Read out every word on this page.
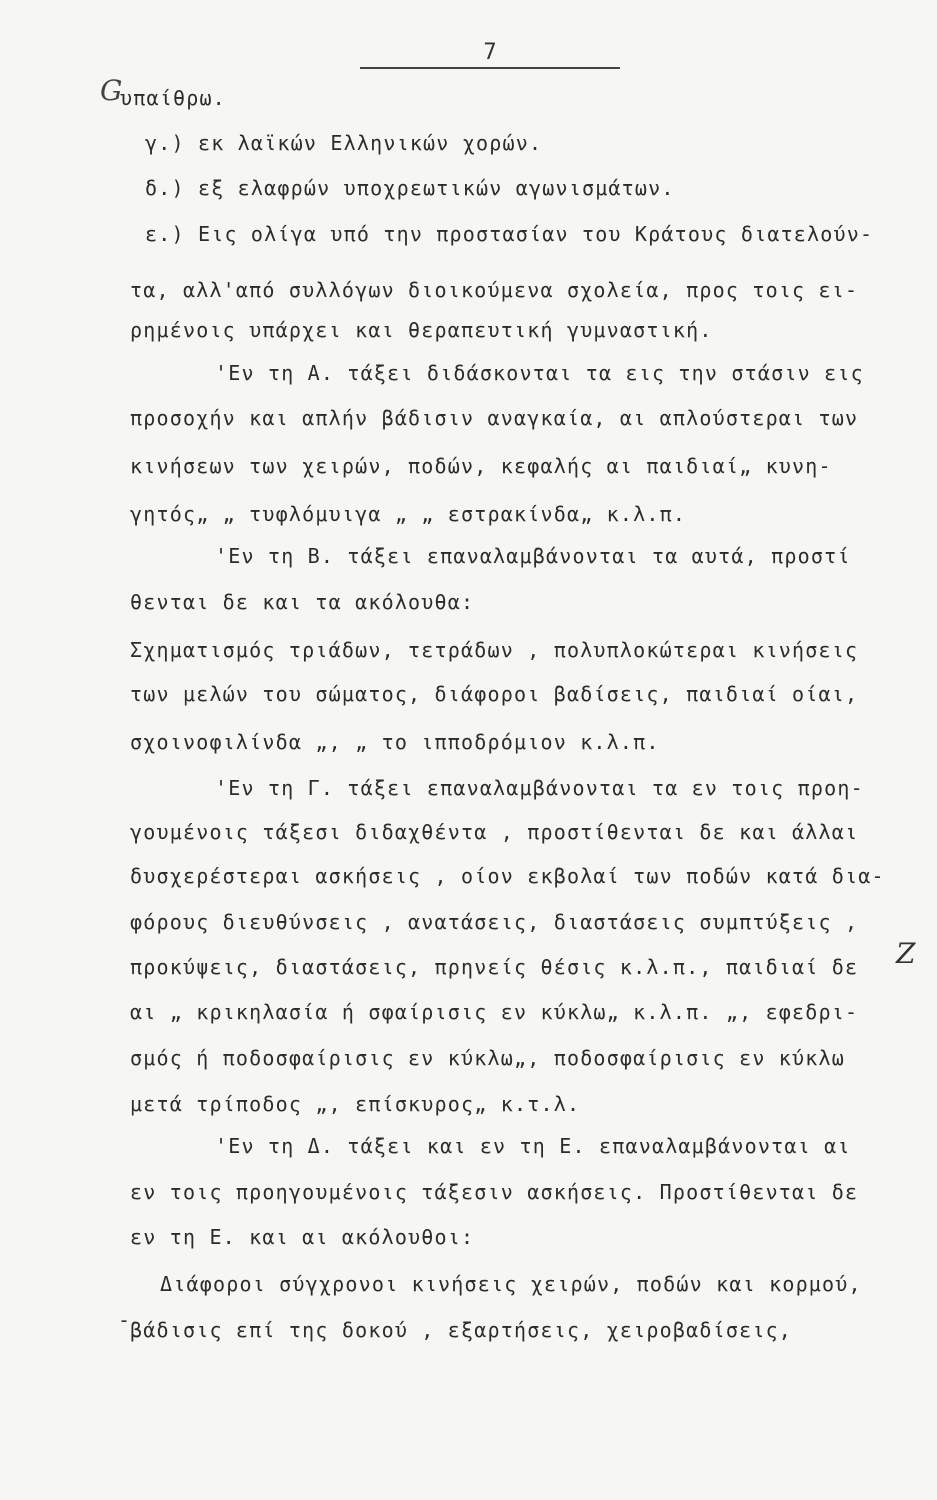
7
G
υπαίθρω.
γ.) εκ λαϊκών Ελληνικών χορών.
δ.) εξ ελαφρών υποχρεωτικών αγωνισμάτων.
ε.) Εις ολίγα υπό την προστασίαν του Κράτους διατελούν-
τα, αλλ'από συλλόγων διοικούμενα σχολεία, προς τοις ει-
ρημένοις υπάρχει και θεραπευτική γυμναστική.
'Εν τη Α. τάξει διδάσκονται τα εις την στάσιν εις
προσοχήν και απλήν βάδισιν αναγκαία, αι απλούστεραι των
κινήσεων των χειρών, ποδών, κεφαλής αι παιδιαί„ κυνη-
γητός„ „ τυφλόμυιγα „ „ εστρακίνδα„ κ.λ.π.
'Εν τη Β. τάξει επαναλαμβάνονται τα αυτά, προστί
θενται δε και τα ακόλουθα:
Σχηματισμός τριάδων, τετράδων , πολυπλοκώτεραι κινήσεις
των μελών του σώματος, διάφοροι βαδίσεις, παιδιαί οίαι,
σχοινοφιλίνδα „, „ το ιπποδρόμιον κ.λ.π.
'Εν τη Γ. τάξει επαναλαμβάνονται τα εν τοις προη-
γουμένοις τάξεσι διδαχθέντα , προστίθενται δε και άλλαι
δυσχερέστεραι ασκήσεις , οίον εκβολαί των ποδών κατά δια-
φόρους διευθύνσεις , ανατάσεις, διαστάσεις συμπτύξεις ,
προκύψεις, διαστάσεις, πρηνείς θέσις κ.λ.π., παιδιαί δε
αι „ κρικηλασία ή σφαίρισις εν κύκλω„ κ.λ.π. „, εφεδρι-
σμός ή ποδοσφαίρισις εν κύκλω„, ποδοσφαίρισις εν κύκλω
μετά τρίποδος „, επίσκυρος„ κ.τ.λ.
'Εν τη Δ. τάξει και εν τη Ε. επαναλαμβάνονται αι
εν τοις προηγουμένοις τάξεσιν ασκήσεις. Προστίθενται δε
εν τη Ε. και αι ακόλουθοι:
Διάφοροι σύγχρονοι κινήσεις χειρών, ποδών και κορμού,
βάδισις επί της δοκού , εξαρτήσεις, χειροβαδίσεις,
Ζ
-
